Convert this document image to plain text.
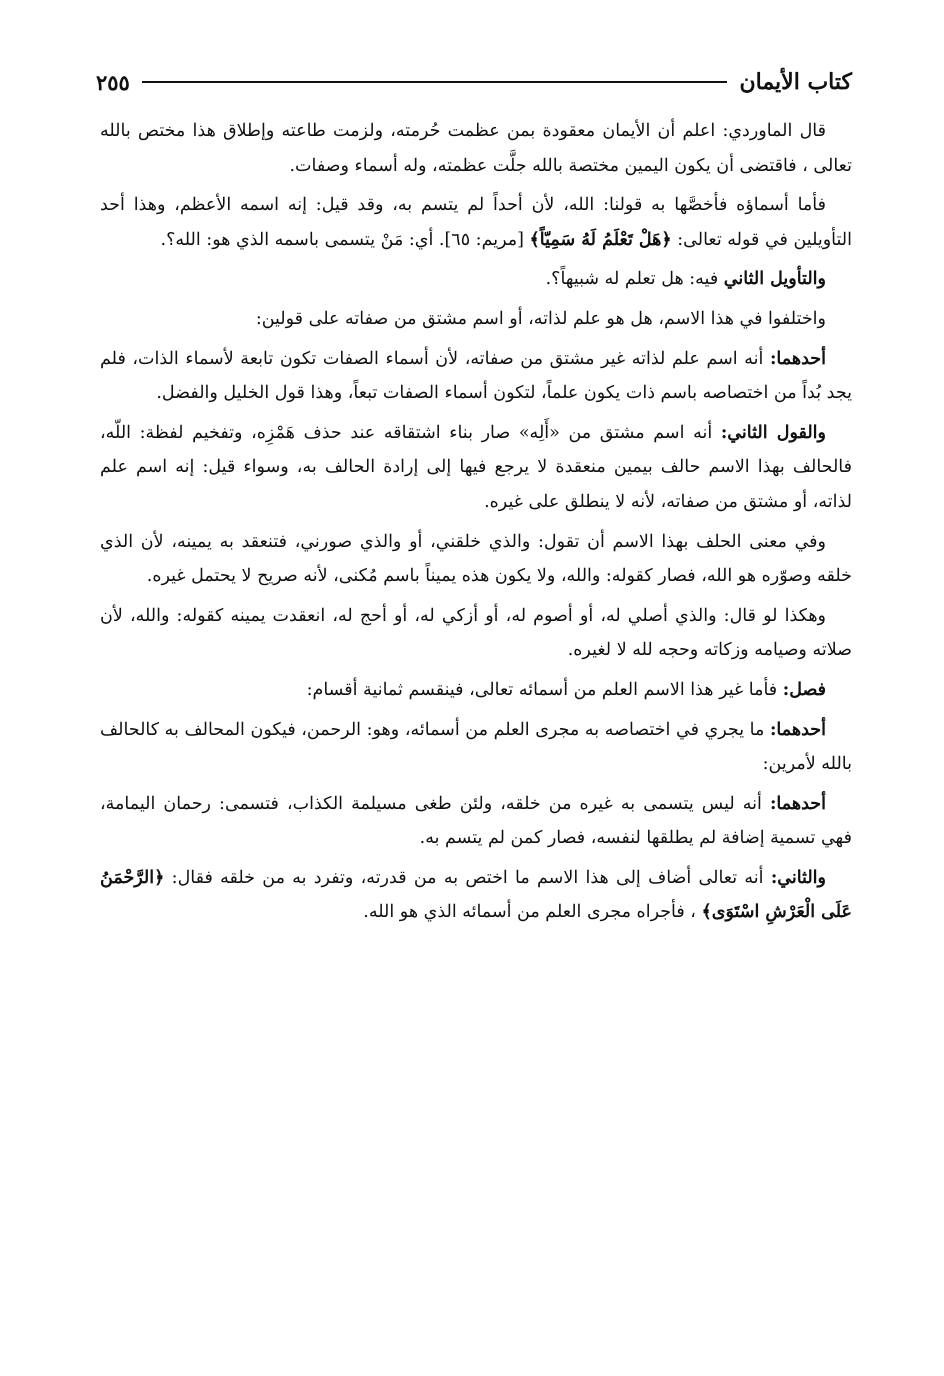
٢٥٥	كتاب الأيمان

قال الماوردي: اعلم أن الأيمان معقودة بمن عظمت حُرمته، ولزمت طاعته وإطلاق هذا مختص بالله تعالى ، فاقتضى أن يكون اليمين مختصة بالله جلَّت عظمته، وله أسماء وصفات.

فأما أسماؤه فأخصَّها به قولنا: الله، لأن أحداً لم يتسم به، وقد قيل: إنه اسمه الأعظم، وهذا أحد التأويلين في قوله تعالى: ﴿هَلْ تَعْلَمُ لَهُ سَمِيّاً﴾ [مريم: ٦٥]. أي: مَنْ يتسمى باسمه الذي هو: الله؟.

والتأويل الثاني فيه: هل تعلم له شبيهاً؟.

واختلفوا في هذا الاسم، هل هو علم لذاته، أو اسم مشتق من صفاته على قولين:

أحدهما: أنه اسم علم لذاته غير مشتق من صفاته، لأن أسماء الصفات تكون تابعة لأسماء الذات، فلم يجد بُداً من اختصاصه باسم ذات يكون علماً، لتكون أسماء الصفات تبعاً، وهذا قول الخليل والفضل.

والقول الثاني: أنه اسم مشتق من «أَلِه» صار بناء اشتقاقه عند حذف هَمْزِه، وتفخيم لفظة: اللّه، فالحالف بهذا الاسم حالف بيمين منعقدة لا يرجع فيها إلى إرادة الحالف به، وسواء قيل: إنه اسم علم لذاته، أو مشتق من صفاته، لأنه لا ينطلق على غيره.

وفي معنى الحلف بهذا الاسم أن تقول: والذي خلقني، أو والذي صورني، فتنعقد به يمينه، لأن الذي خلقه وصوّره هو الله، فصار كقوله: والله، ولا يكون هذه يميناً باسم مُكنى، لأنه صريح لا يحتمل غيره.

وهكذا لو قال: والذي أصلي له، أو أصوم له، أو أزكي له، أو أحج له، انعقدت يمينه كقوله: والله، لأن صلاته وصيامه وزكاته وحجه لله لا لغيره.

فصل: فأما غير هذا الاسم العلم من أسمائه تعالى، فينقسم ثمانية أقسام:

أحدهما: ما يجري في اختصاصه به مجرى العلم من أسمائه، وهو: الرحمن، فيكون المحالف به كالحالف بالله لأمرين:

أحدهما: أنه ليس يتسمى به غيره من خلقه، ولئن طغى مسيلمة الكذاب، فتسمى: رحمان اليمامة، فهي تسمية إضافة لم يطلقها لنفسه، فصار كمن لم يتسم به.

والثاني: أنه تعالى أضاف إلى هذا الاسم ما اختص به من قدرته، وتفرد به من خلقه فقال: ﴿الرَّحْمَنُ عَلَى الْعَرْشِ اسْتَوَى﴾ ، فأجراه مجرى العلم من أسمائه الذي هو الله.
